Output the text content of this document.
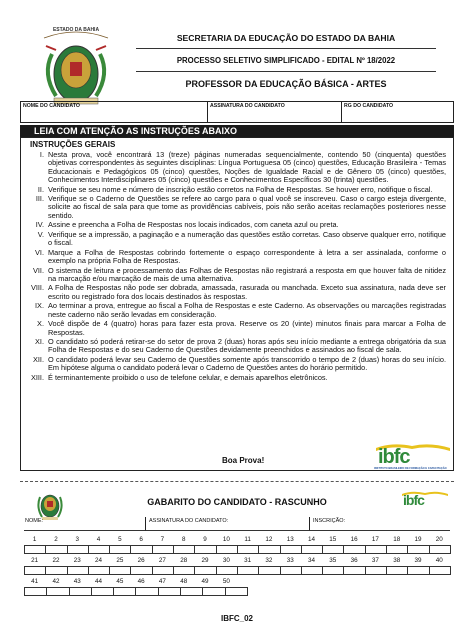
ESTADO DA BAHIA
SECRETARIA DA EDUCAÇÃO DO ESTADO DA BAHIA
PROCESSO SELETIVO SIMPLIFICADO - EDITAL Nº 18/2022
PROFESSOR DA EDUCAÇÃO BÁSICA - ARTES
NOME DO CANDIDATO	ASSINATURA DO CANDIDATO	RG DO CANDIDATO
LEIA COM ATENÇÃO AS INSTRUÇÕES ABAIXO
INSTRUÇÕES GERAIS
I. Nesta prova, você encontrará 13 (treze) páginas numeradas sequencialmente, contendo 50 (cinquenta) questões objetivas correspondentes às seguintes disciplinas: Língua Portuguesa 05 (cinco) questões, Educação Brasileira - Temas Educacionais e Pedagógicos 05 (cinco) questões, Noções de Igualdade Racial e de Gênero 05 (cinco) questões, Conhecimentos Interdisciplinares 05 (cinco) questões e Conhecimentos Específicos 30 (trinta) questões.
II. Verifique se seu nome e número de inscrição estão corretos na Folha de Respostas. Se houver erro, notifique o fiscal.
III. Verifique se o Caderno de Questões se refere ao cargo para o qual você se inscreveu. Caso o cargo esteja divergente, solicite ao fiscal de sala para que tome as providências cabíveis, pois não serão aceitas reclamações posteriores nesse sentido.
IV. Assine e preencha a Folha de Respostas nos locais indicados, com caneta azul ou preta.
V. Verifique se a impressão, a paginação e a numeração das questões estão corretas. Caso observe qualquer erro, notifique o fiscal.
VI. Marque a Folha de Respostas cobrindo fortemente o espaço correspondente à letra a ser assinalada, conforme o exemplo na própria Folha de Respostas.
VII. O sistema de leitura e processamento das Folhas de Respostas não registrará a resposta em que houver falta de nitidez na marcação e/ou marcação de mais de uma alternativa.
VIII. A Folha de Respostas não pode ser dobrada, amassada, rasurada ou manchada. Exceto sua assinatura, nada deve ser escrito ou registrado fora dos locais destinados às respostas.
IX. Ao terminar a prova, entregue ao fiscal a Folha de Respostas e este Caderno. As observações ou marcações registradas neste caderno não serão levadas em consideração.
X. Você dispõe de 4 (quatro) horas para fazer esta prova. Reserve os 20 (vinte) minutos finais para marcar a Folha de Respostas.
XI. O candidato só poderá retirar-se do setor de prova 2 (duas) horas após seu início mediante a entrega obrigatória da sua Folha de Respostas e do seu Caderno de Questões devidamente preenchidos e assinados ao fiscal de sala.
XII. O candidato poderá levar seu Caderno de Questões somente após transcorrido o tempo de 2 (duas) horas do seu início. Em hipótese alguma o candidato poderá levar o Caderno de Questões antes do horário permitido.
XIII. É terminantemente proibido o uso de telefone celular, e demais aparelhos eletrônicos.
Boa Prova!	ibfc
INSTITUTO BRASILEIRO DE FORMAÇÃO E CAPACITAÇÃO
GABARITO DO CANDIDATO - RASCUNHO	ibfc
NOME:	ASSINATURA DO CANDIDATO:	INSCRIÇÃO:
1	2	3	4	5	6	7	8	9	10	11	12	13	14	15	16	17	18	19	20
21	22	23	24	25	26	27	28	29	30	31	32	33	34	35	36	37	38	39	40
41	42	43	44	45	46	47	48	49	50
IBFC_02
